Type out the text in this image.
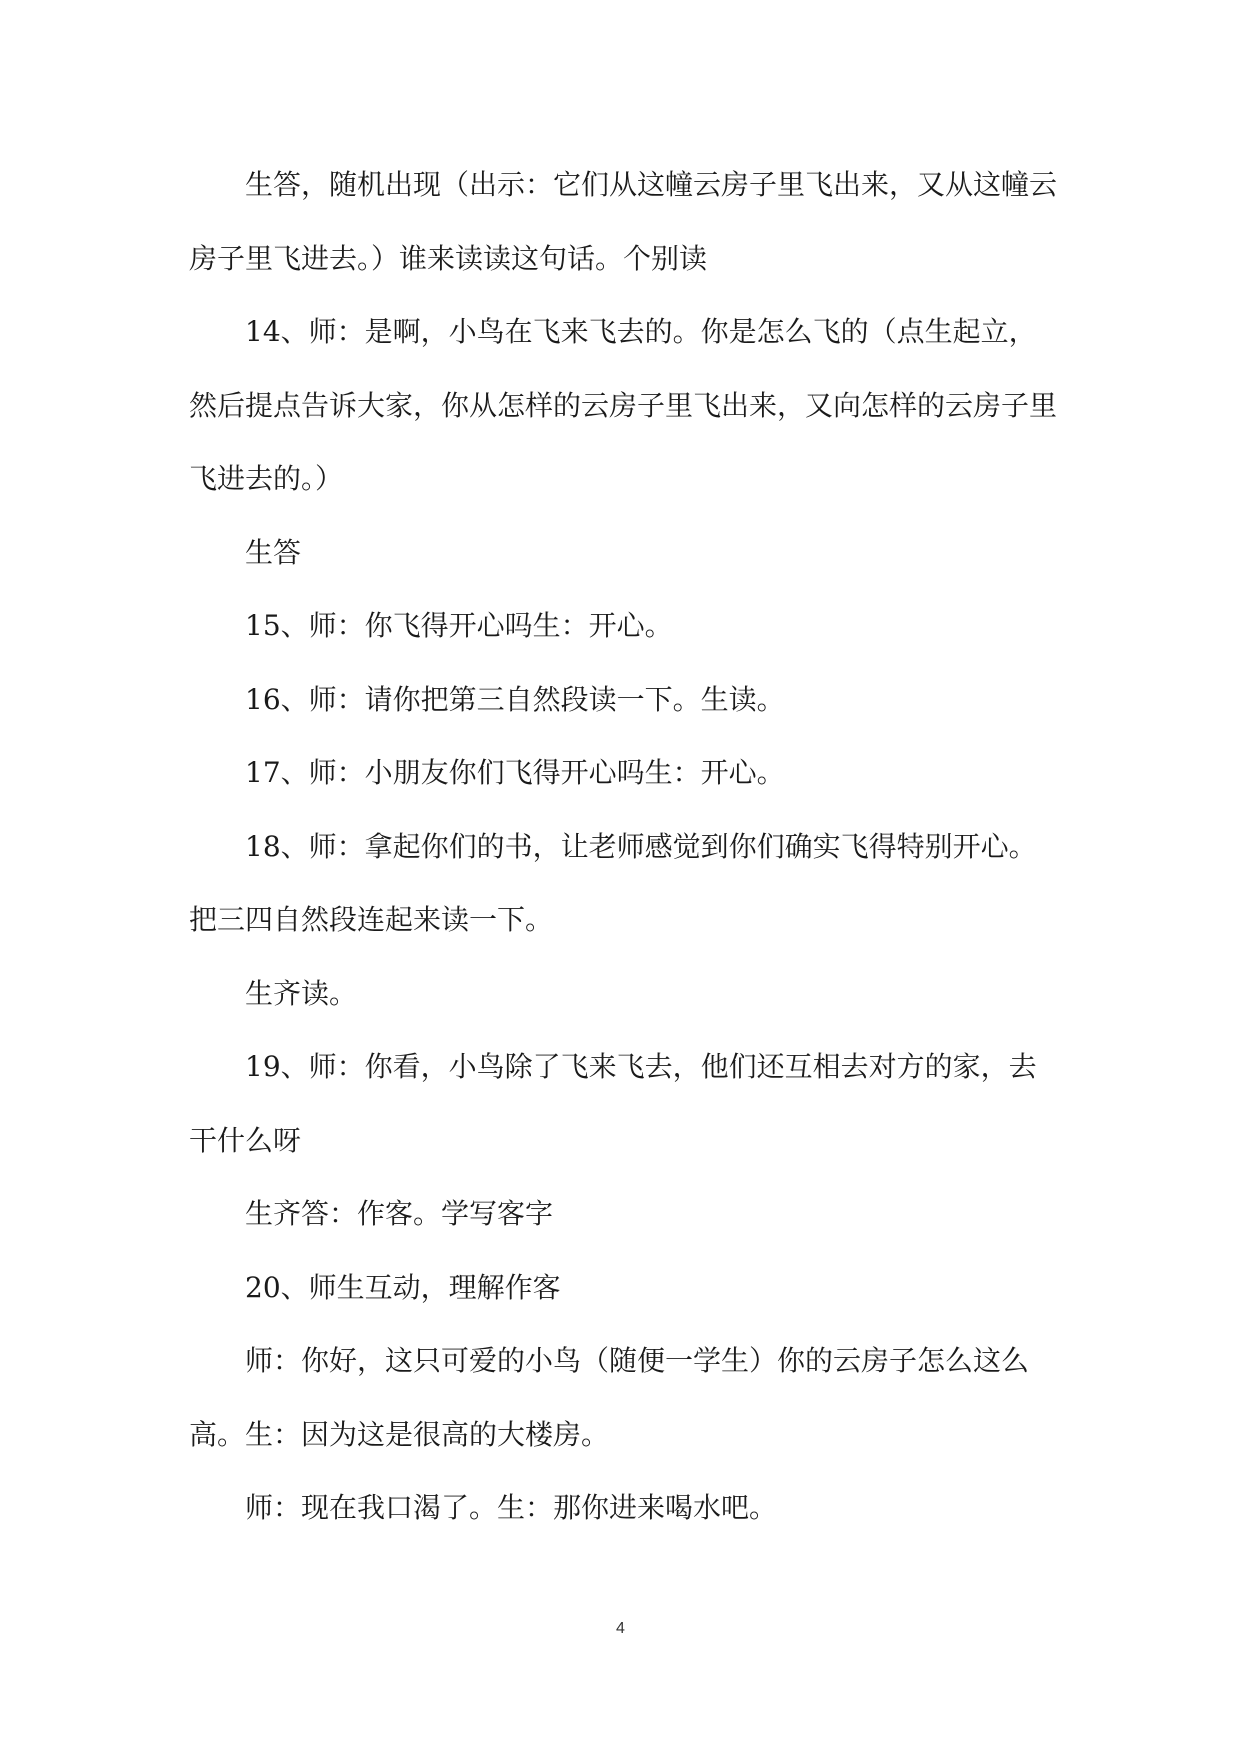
生答，随机出现（出示：它们从这幢云房子里飞出来，又从这幢云房子里飞进去。）谁来读读这句话。个别读

14、师：是啊，小鸟在飞来飞去的。你是怎么飞的（点生起立，然后提点告诉大家，你从怎样的云房子里飞出来，又向怎样的云房子里飞进去的。）

生答

15、师：你飞得开心吗生：开心。

16、师：请你把第三自然段读一下。生读。

17、师：小朋友你们飞得开心吗生：开心。

18、师：拿起你们的书，让老师感觉到你们确实飞得特别开心。把三四自然段连起来读一下。

生齐读。

19、师：你看，小鸟除了飞来飞去，他们还互相去对方的家，去干什么呀

生齐答：作客。学写客字

20、师生互动，理解作客

师：你好，这只可爱的小鸟（随便一学生）你的云房子怎么这么高。生：因为这是很高的大楼房。

师：现在我口渴了。生：那你进来喝水吧。

4
